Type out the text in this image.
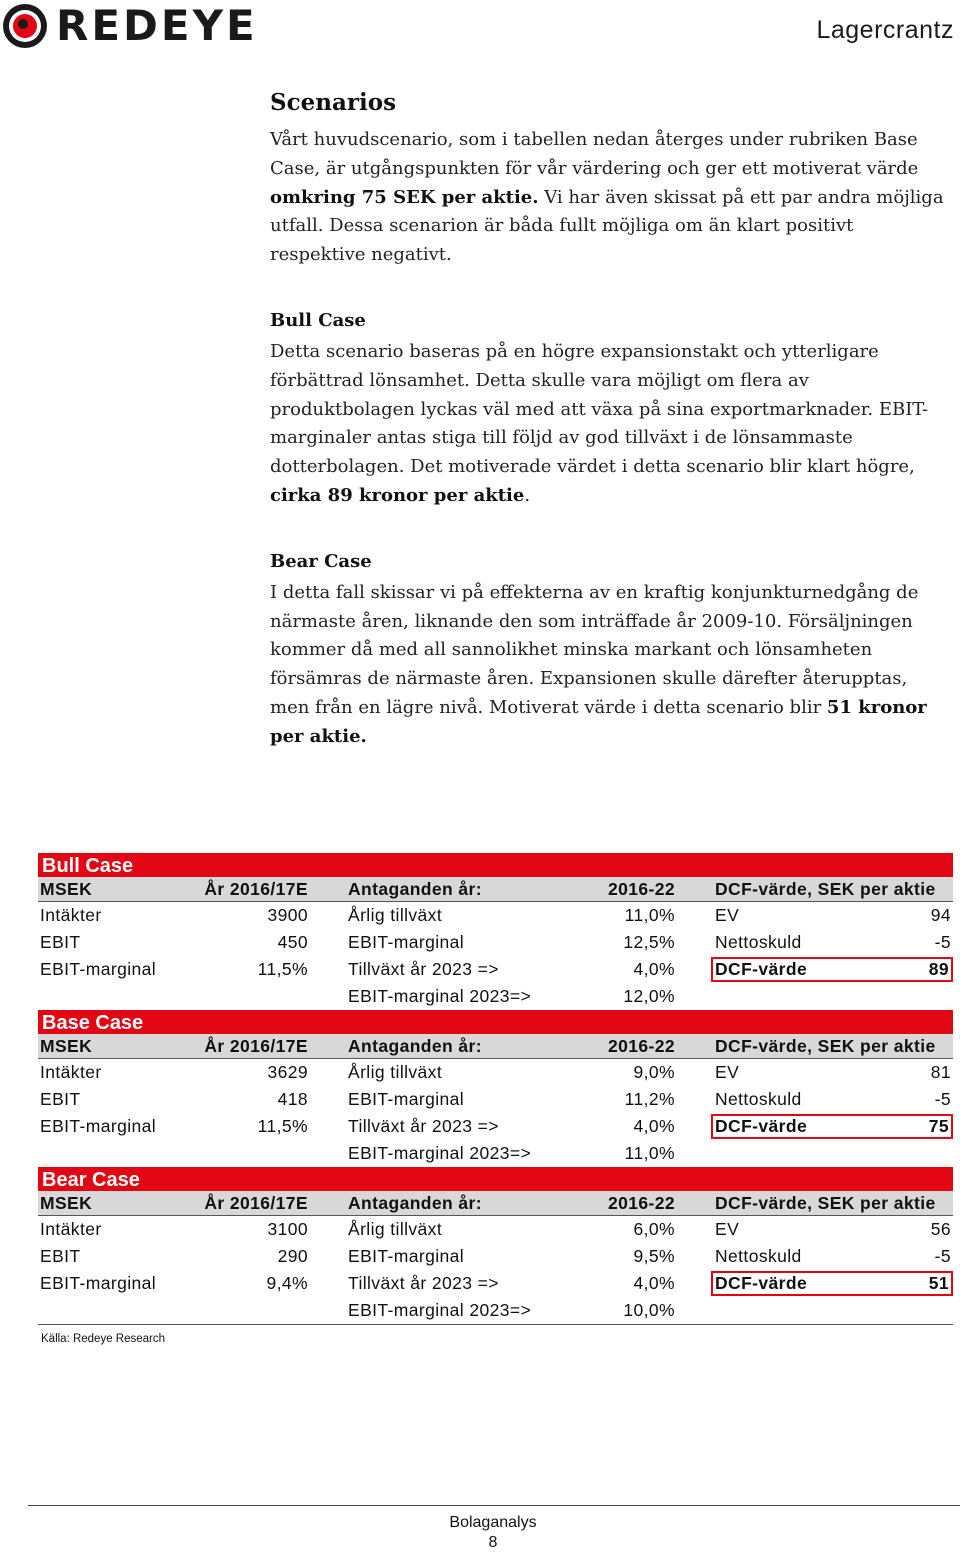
REDEYE	Lagercrantz
Scenarios

Vårt huvudscenario, som i tabellen nedan återges under rubriken Base Case, är utgångspunkten för vår värdering och ger ett motiverat värde omkring 75 SEK per aktie. Vi har även skissat på ett par andra möjliga utfall. Dessa scenarion är båda fullt möjliga om än klart positivt respektive negativt.

Bull Case

Detta scenario baseras på en högre expansionstakt och ytterligare förbättrad lönsamhet. Detta skulle vara möjligt om flera av produktbolagen lyckas väl med att växa på sina exportmarknader. EBIT-marginaler antas stiga till följd av god tillväxt i de lönsammaste dotterbolagen. Det motiverade värdet i detta scenario blir klart högre, cirka 89 kronor per aktie.

Bear Case

I detta fall skissar vi på effekterna av en kraftig konjunkturnedgång de närmaste åren, liknande den som inträffade år 2009-10. Försäljningen kommer då med all sannolikhet minska markant och lönsamheten försämras de närmaste åren. Expansionen skulle därefter återupptas, men från en lägre nivå. Motiverat värde i detta scenario blir 51 kronor per aktie.

Bull Case
MSEK	År 2016/17E	Antaganden år:	2016-22	DCF-värde, SEK per aktie
Intäkter	3900	Årlig tillväxt	11,0% EV	94
EBIT	450	EBIT-marginal	12,5% Nettoskuld	-5
EBIT-marginal	11,5%	Tillväxt år 2023 =>	4,0% DCF-värde	89
EBIT-marginal 2023=>	12,0%
Base Case
MSEK	År 2016/17E	Antaganden år:	2016-22	DCF-värde, SEK per aktie
Intäkter	3629	Årlig tillväxt	9,0% EV	81
EBIT	418	EBIT-marginal	11,2% Nettoskuld	-5
EBIT-marginal	11,5%	Tillväxt år 2023 =>	4,0% DCF-värde	75
EBIT-marginal 2023=>	11,0%
Bear Case
MSEK	År 2016/17E	Antaganden år:	2016-22	DCF-värde, SEK per aktie
Intäkter	3100	Årlig tillväxt	6,0% EV	56
EBIT	290	EBIT-marginal	9,5% Nettoskuld	-5
EBIT-marginal	9,4%	Tillväxt år 2023 =>	4,0% DCF-värde	51
EBIT-marginal 2023=>	10,0%
Källa: Redeye Research
Bolaganalys
8
